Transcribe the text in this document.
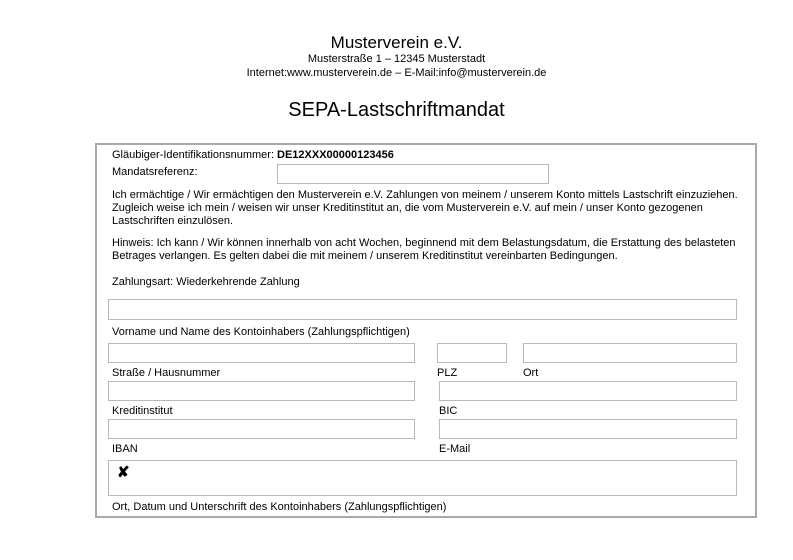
Musterverein e.V.
Musterstraße 1 – 12345 Musterstadt
Internet:www.musterverein.de – E-Mail:info@musterverein.de
SEPA-Lastschriftmandat
Gläubiger-Identifikationsnummer: DE12XXX00000123456
Mandatsreferenz:
Ich ermächtige / Wir ermächtigen den Musterverein e.V. Zahlungen von meinem / unserem Konto mittels Lastschrift einzuziehen. Zugleich weise ich mein / weisen wir unser Kreditinstitut an, die vom Musterverein e.V. auf mein / unser Konto gezogenen Lastschriften einzulösen.
Hinweis: Ich kann / Wir können innerhalb von acht Wochen, beginnend mit dem Belastungsdatum, die Erstattung des belasteten Betrages verlangen. Es gelten dabei die mit meinem / unserem Kreditinstitut vereinbarten Bedingungen.
Zahlungsart: Wiederkehrende Zahlung
Vorname und Name des Kontoinhabers (Zahlungspflichtigen)
Straße / Hausnummer	PLZ	Ort
Kreditinstitut	BIC
IBAN	E-Mail
✘
Ort, Datum und Unterschrift des Kontoinhabers (Zahlungspflichtigen)
